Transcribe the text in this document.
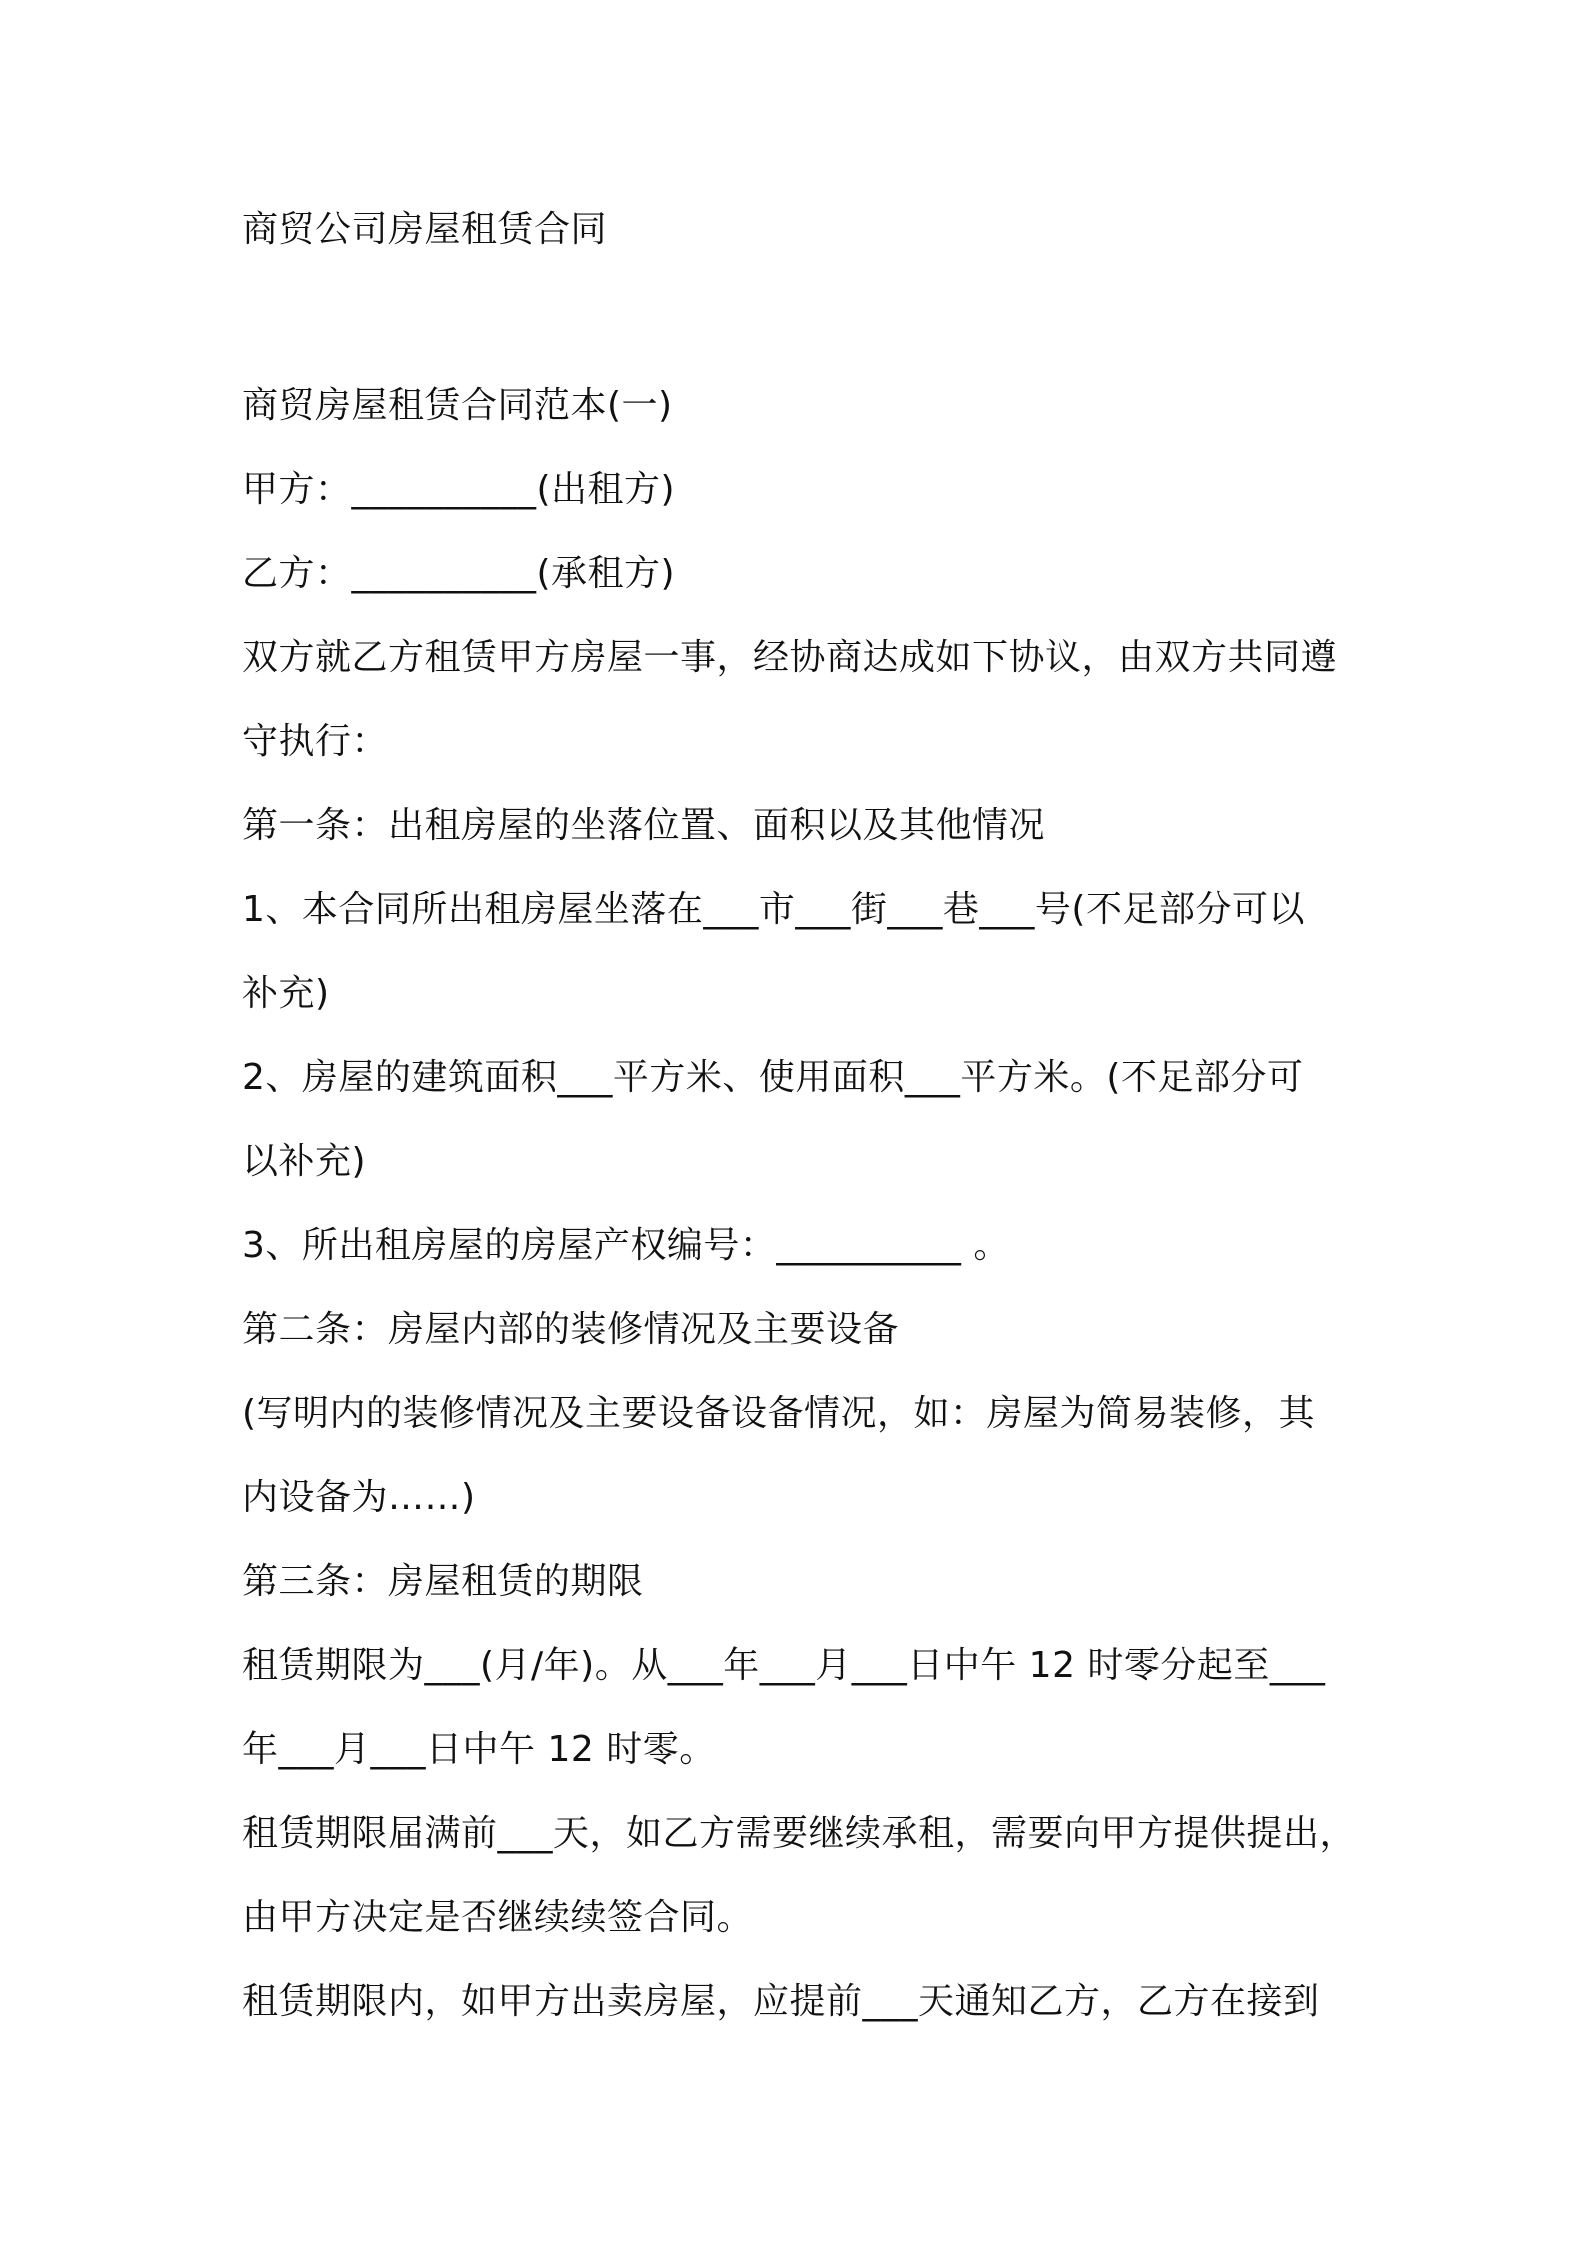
商贸公司房屋租赁合同

商贸房屋租赁合同范本(一)

甲方：__________(出租方)

乙方：__________(承租方)

双方就乙方租赁甲方房屋一事，经协商达成如下协议，由双方共同遵

守执行：

第一条：出租房屋的坐落位置、面积以及其他情况

1、本合同所出租房屋坐落在___市___街___巷___号(不足部分可以

补充)

2、房屋的建筑面积___平方米、使用面积___平方米。(不足部分可

以补充)

3、所出租房屋的房屋产权编号：__________ 。

第二条：房屋内部的装修情况及主要设备

(写明内的装修情况及主要设备设备情况，如：房屋为简易装修，其

内设备为……)

第三条：房屋租赁的期限

租赁期限为___(月/年)。从___年___月___日中午 12 时零分起至___

年___月___日中午 12 时零。

租赁期限届满前___天，如乙方需要继续承租，需要向甲方提供提出，

由甲方决定是否继续续签合同。

租赁期限内，如甲方出卖房屋，应提前___天通知乙方，乙方在接到
